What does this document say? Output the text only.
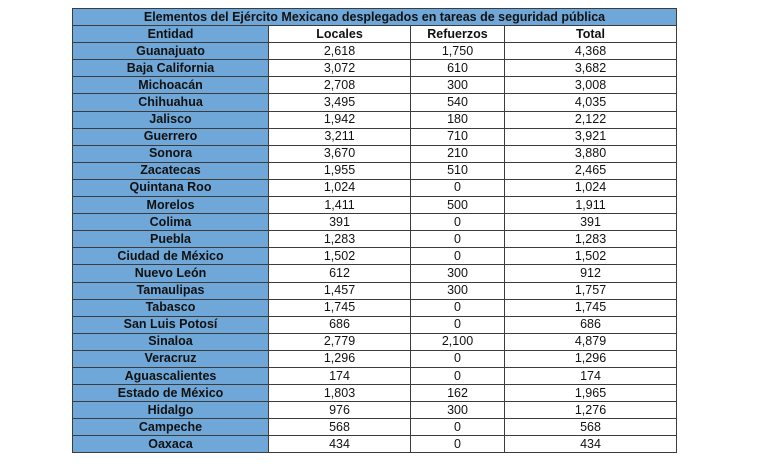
Elementos del Ejército Mexicano desplegados en tareas de seguridad pública			
Entidad	Locales	Refuerzos	Total
Guanajuato	2,618	1,750	4,368
Baja California	3,072	610	3,682
Michoacán	2,708	300	3,008
Chihuahua	3,495	540	4,035
Jalisco	1,942	180	2,122
Guerrero	3,211	710	3,921
Sonora	3,670	210	3,880
Zacatecas	1,955	510	2,465
Quintana Roo	1,024	0	1,024
Morelos	1,411	500	1,911
Colima	391	0	391
Puebla	1,283	0	1,283
Ciudad de México	1,502	0	1,502
Nuevo León	612	300	912
Tamaulipas	1,457	300	1,757
Tabasco	1,745	0	1,745
San Luis Potosí	686	0	686
Sinaloa	2,779	2,100	4,879
Veracruz	1,296	0	1,296
Aguascalientes	174	0	174
Estado de México	1,803	162	1,965
Hidalgo	976	300	1,276
Campeche	568	0	568
Oaxaca	434	0	434
